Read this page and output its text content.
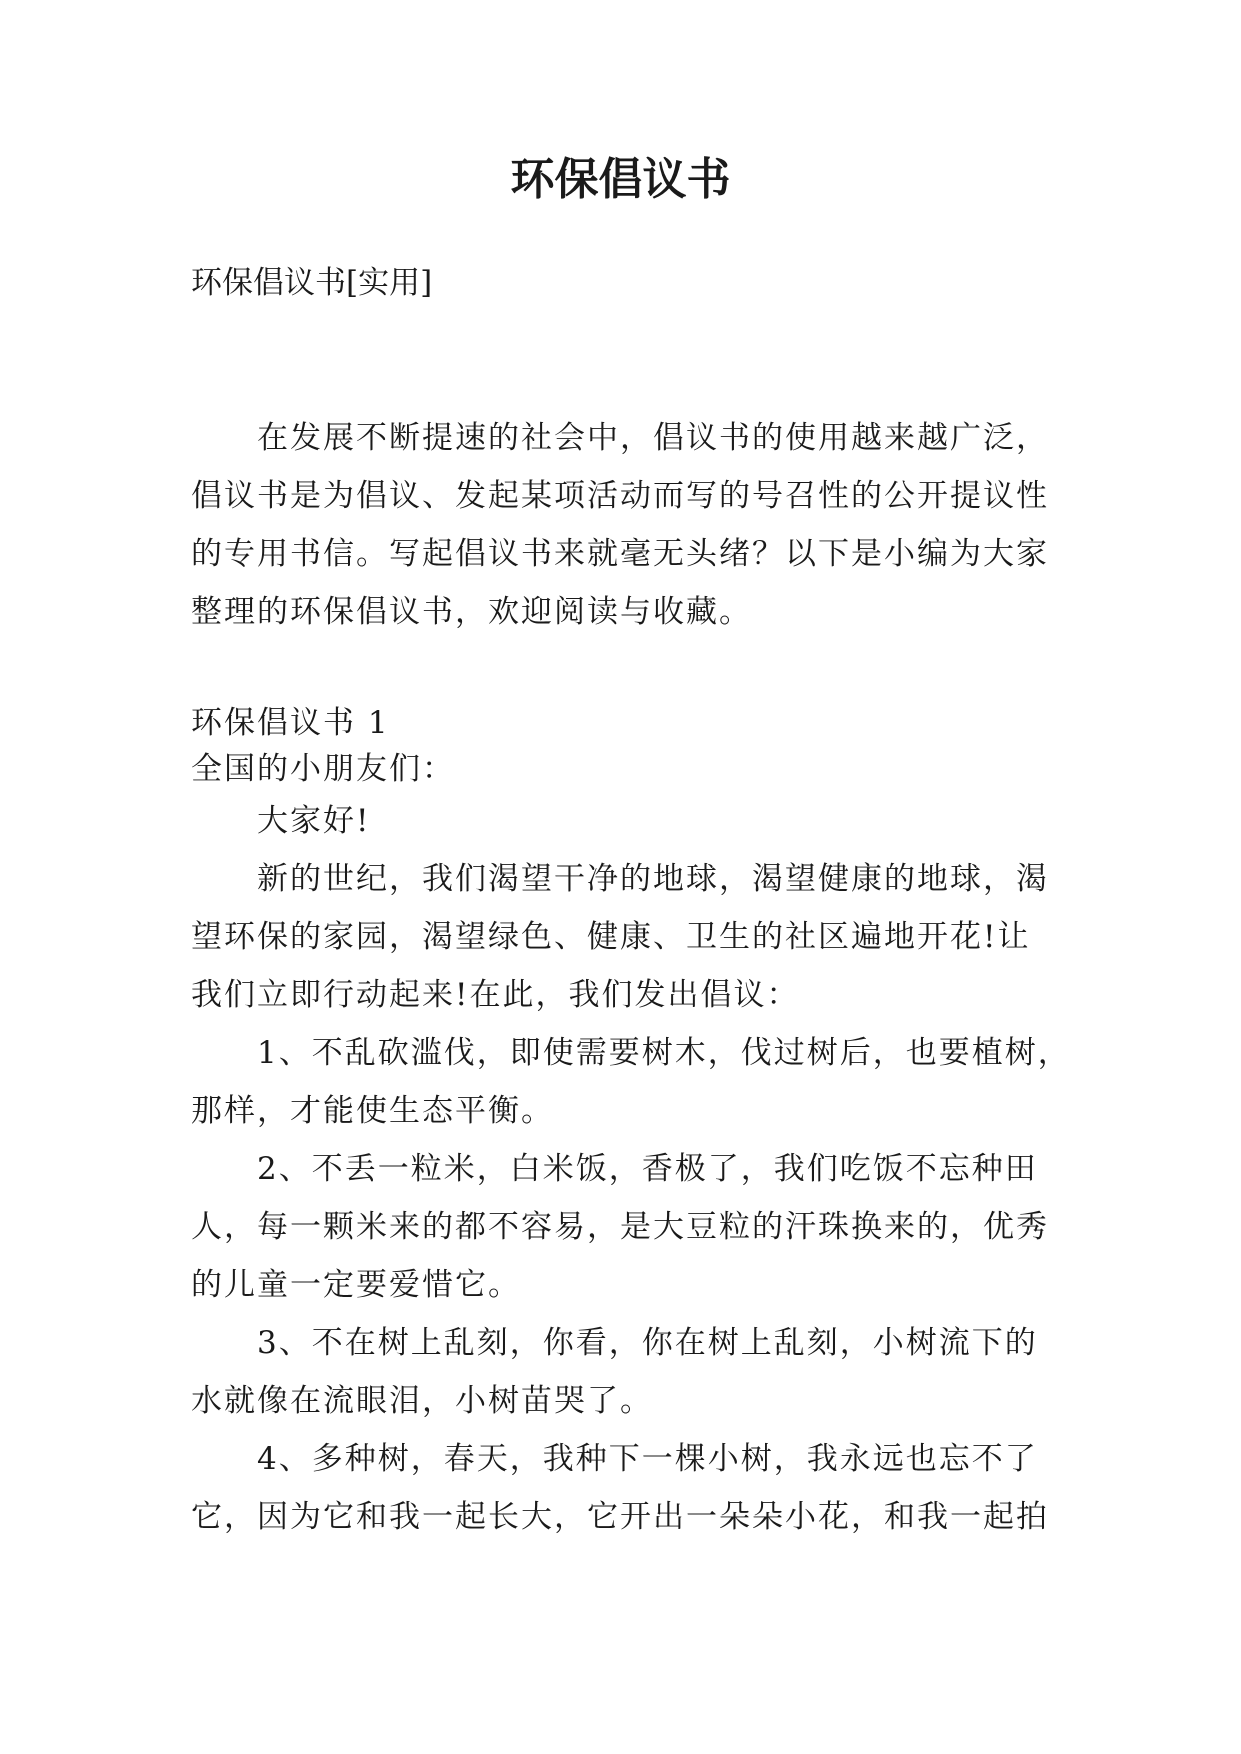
环保倡议书
环保倡议书[实用]
在发展不断提速的社会中，倡议书的使用越来越广泛，
倡议书是为倡议、发起某项活动而写的号召性的公开提议性
的专用书信。写起倡议书来就毫无头绪？以下是小编为大家
整理的环保倡议书，欢迎阅读与收藏。
环保倡议书 1
全国的小朋友们：
大家好!
新的世纪，我们渴望干净的地球，渴望健康的地球，渴
望环保的家园，渴望绿色、健康、卫生的社区遍地开花!让
我们立即行动起来!在此，我们发出倡议：
1、不乱砍滥伐，即使需要树木，伐过树后，也要植树，
那样，才能使生态平衡。
2、不丢一粒米，白米饭，香极了，我们吃饭不忘种田
人，每一颗米来的都不容易，是大豆粒的汗珠换来的，优秀
的儿童一定要爱惜它。
3、不在树上乱刻，你看，你在树上乱刻，小树流下的
水就像在流眼泪，小树苗哭了。
4、多种树，春天，我种下一棵小树，我永远也忘不了
它，因为它和我一起长大，它开出一朵朵小花，和我一起拍
